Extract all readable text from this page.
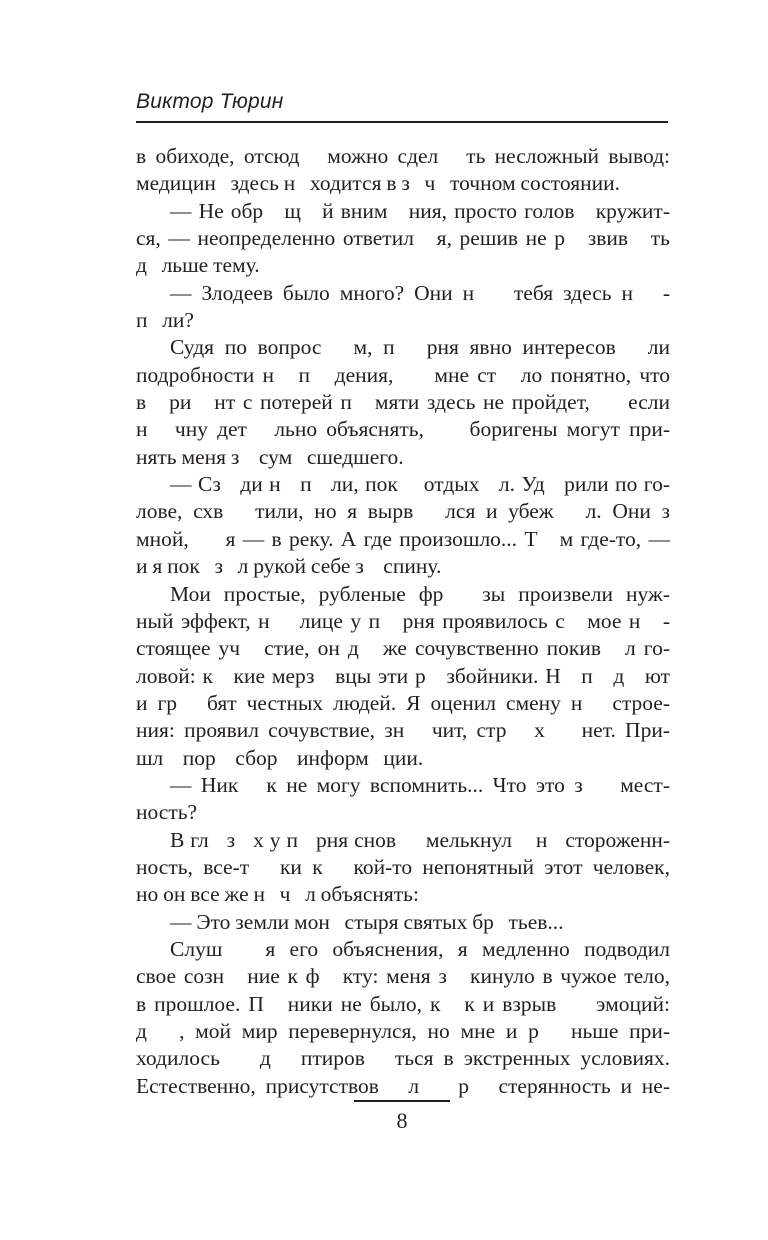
Виктор Тюрин
в обиходе, отсюд   можно сдел   ть несложный вывод:
медицин   здесь н   ходится в з   ч   точном состоянии.
— Не обр   щ   й вним   ния, просто голов   кружит-
ся, — неопределенно ответил   я, решив не р   звив   ть
д   льше тему.
— Злодеев было много? Они н    тебя здесь н   -
п   ли?
Судя по вопрос   м, п   рня явно интересов   ли
подробности н   п   дения,     мне ст   ло понятно, что
в   ри   нт с потерей п   мяти здесь не пройдет,     если
н   чну дет   льно объяснять,     боригены могут при-
нять меня з    сум   сшедшего.
— Сз   ди н   п   ли, пок    отдых   л. Уд   рили по го-
лове, схв   тили, но я вырв   лся и убеж   л. Они з
мной,     я — в реку. А где произошло... Т   м где-то, —
и я пок   з   л рукой себе з    спину.
Мои простые, рубленые фр   зы произвели нуж-
ный эффект, н    лице у п   рня проявилось с   мое н   -
стоящее уч   стие, он д   же сочувственно покив   л го-
ловой: к   кие мерз   вцы эти р   збойники. Н   п   д   ют
и гр   бят честных людей. Я оценил смену н   строе-
ния: проявил сочувствие, зн   чит, стр   х    нет. При-
шл    пор    сбор    информ   ции.
— Ник   к не могу вспомнить... Что это з    мест-
ность?
В гл   з   х у п   рня снов     мелькнул    н   стороженн-
ность, все-т   ки к   кой-то непонятный этот человек,
но он все же н   ч   л объяснять:
— Это земли мон   стыря святых бр   тьев...
Слуш   я его объяснения, я медленно подводил
свое созн   ние к ф   кту: меня з   кинуло в чужое тело,
в прошлое. П   ники не было, к   к и взрыв     эмоций:
д   , мой мир перевернулся, но мне и р   ньше при-
ходилось    д   птиров   ться в экстренных условиях.
Естественно, присутствов   л    р   стерянность и не-
8
